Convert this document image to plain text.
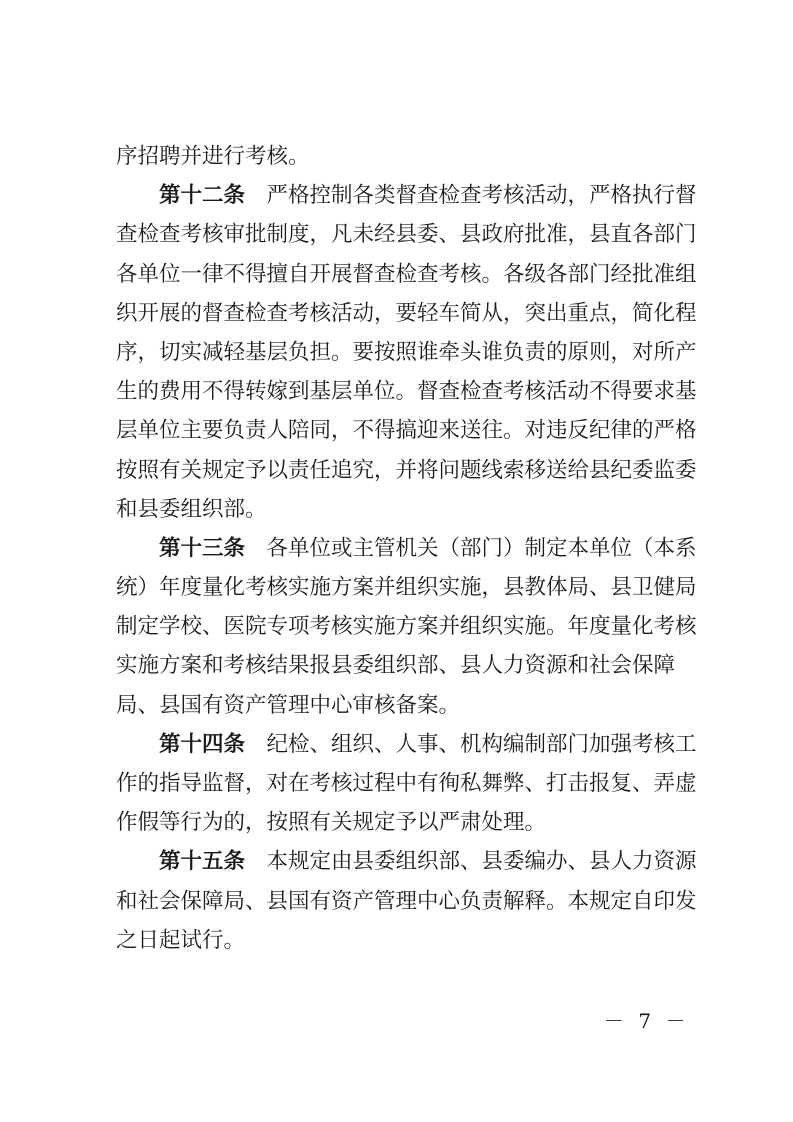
序招聘并进行考核。
第十二条　严格控制各类督查检查考核活动，严格执行督
查检查考核审批制度，凡未经县委、县政府批准，县直各部门
各单位一律不得擅自开展督查检查考核。各级各部门经批准组
织开展的督查检查考核活动，要轻车简从，突出重点，简化程
序，切实减轻基层负担。要按照谁牵头谁负责的原则，对所产
生的费用不得转嫁到基层单位。督查检查考核活动不得要求基
层单位主要负责人陪同，不得搞迎来送往。对违反纪律的严格
按照有关规定予以责任追究，并将问题线索移送给县纪委监委
和县委组织部。
第十三条　各单位或主管机关（部门）制定本单位（本系
统）年度量化考核实施方案并组织实施，县教体局、县卫健局
制定学校、医院专项考核实施方案并组织实施。年度量化考核
实施方案和考核结果报县委组织部、县人力资源和社会保障
局、县国有资产管理中心审核备案。
第十四条　纪检、组织、人事、机构编制部门加强考核工
作的指导监督，对在考核过程中有徇私舞弊、打击报复、弄虚
作假等行为的，按照有关规定予以严肃处理。
第十五条　本规定由县委组织部、县委编办、县人力资源
和社会保障局、县国有资产管理中心负责解释。本规定自印发
之日起试行。
－ 7 －
